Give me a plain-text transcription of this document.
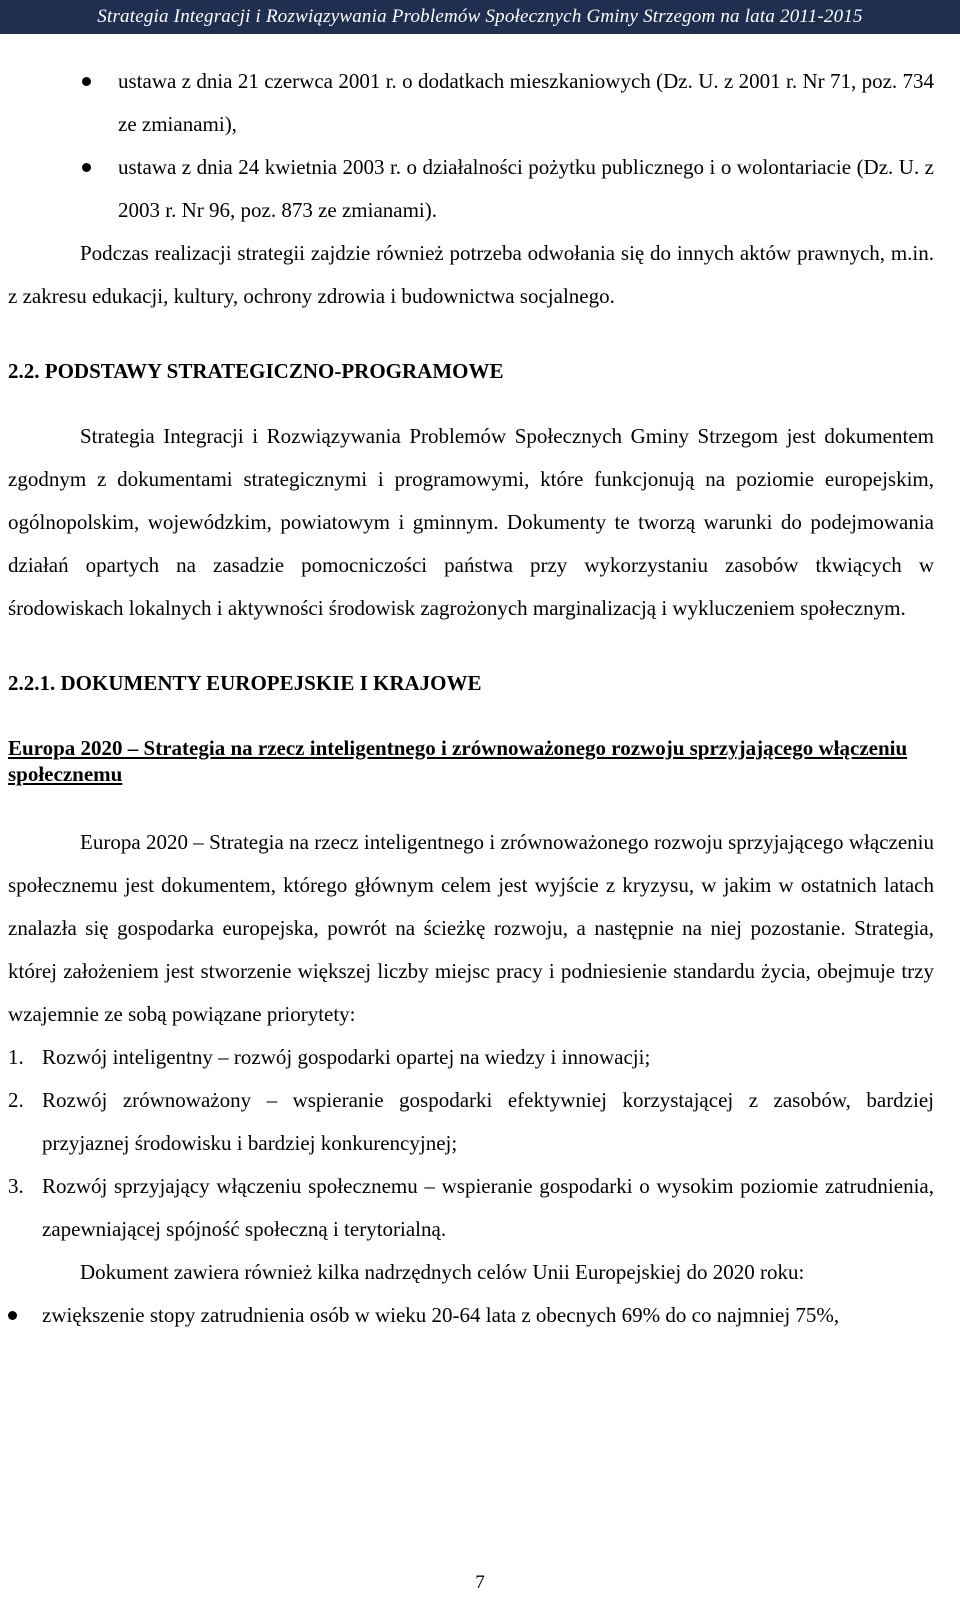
Strategia Integracji i Rozwiązywania Problemów Społecznych Gminy Strzegom na lata 2011-2015
ustawa z dnia 21 czerwca 2001 r. o dodatkach mieszkaniowych (Dz. U. z 2001 r. Nr 71, poz. 734 ze zmianami),
ustawa z dnia 24 kwietnia 2003 r. o działalności pożytku publicznego i o wolontariacie (Dz. U. z 2003 r. Nr 96, poz. 873 ze zmianami).

Podczas realizacji strategii zajdzie również potrzeba odwołania się do innych aktów prawnych, m.in. z zakresu edukacji, kultury, ochrony zdrowia i budownictwa socjalnego.

2.2. PODSTAWY STRATEGICZNO-PROGRAMOWE

Strategia Integracji i Rozwiązywania Problemów Społecznych Gminy Strzegom jest dokumentem zgodnym z dokumentami strategicznymi i programowymi, które funkcjonują na poziomie europejskim, ogólnopolskim, wojewódzkim, powiatowym i gminnym. Dokumenty te tworzą warunki do podejmowania działań opartych na zasadzie pomocniczości państwa przy wykorzystaniu zasobów tkwiących w środowiskach lokalnych i aktywności środowisk zagrożonych marginalizacją i wykluczeniem społecznym.

2.2.1. DOKUMENTY EUROPEJSKIE I KRAJOWE
Europa 2020 – Strategia na rzecz inteligentnego i zrównoważonego rozwoju sprzyjającego włączeniu społecznemu

Europa 2020 – Strategia na rzecz inteligentnego i zrównoważonego rozwoju sprzyjającego włączeniu społecznemu jest dokumentem, którego głównym celem jest wyjście z kryzysu, w jakim w ostatnich latach znalazła się gospodarka europejska, powrót na ścieżkę rozwoju, a następnie na niej pozostanie. Strategia, której założeniem jest stworzenie większej liczby miejsc pracy i podniesienie standardu życia, obejmuje trzy wzajemnie ze sobą powiązane priorytety:

1. Rozwój inteligentny – rozwój gospodarki opartej na wiedzy i innowacji;
2. Rozwój zrównoważony – wspieranie gospodarki efektywniej korzystającej z zasobów, bardziej przyjaznej środowisku i bardziej konkurencyjnej;
3. Rozwój sprzyjający włączeniu społecznemu – wspieranie gospodarki o wysokim poziomie zatrudnienia, zapewniającej spójność społeczną i terytorialną.

Dokument zawiera również kilka nadrzędnych celów Unii Europejskiej do 2020 roku:

zwiększenie stopy zatrudnienia osób w wieku 20-64 lata z obecnych 69% do co najmniej 75%,
7
